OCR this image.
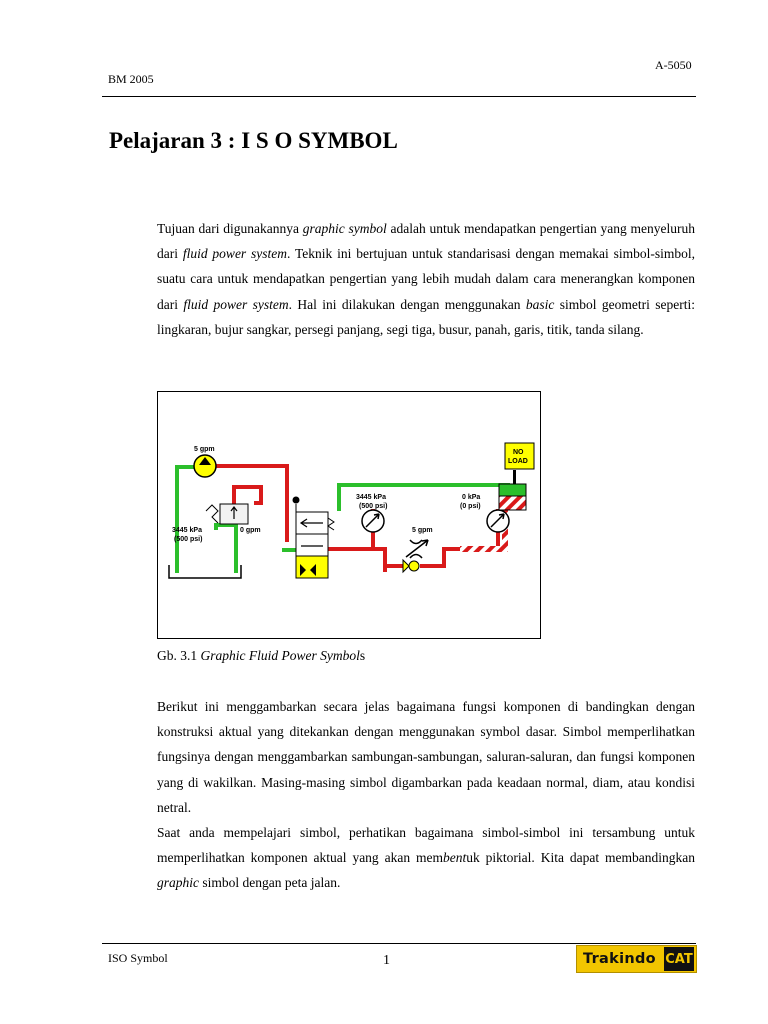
A-5050
BM 2005
Pelajaran 3 : I S O SYMBOL

Tujuan dari digunakannya graphic symbol adalah untuk mendapatkan pengertian yang menyeluruh dari fluid power system. Teknik ini bertujuan untuk standarisasi dengan memakai simbol-simbol, suatu cara untuk mendapatkan pengertian yang lebih mudah dalam cara menerangkan komponen dari fluid power system. Hal ini dilakukan dengan menggunakan basic simbol geometri seperti: lingkaran, bujur sangkar, persegi panjang, segi tiga, busur, panah, garis, titik, tanda silang.

5 gpm
3445 kPa
(500 psi)
0 gpm
3445 kPa
(500 psi)
0 kPa
(0 psi)
5 gpm
NO
LOAD
Gb. 3.1 Graphic Fluid Power Symbols

Berikut ini menggambarkan secara jelas bagaimana fungsi komponen di bandingkan dengan konstruksi aktual yang ditekankan dengan menggunakan symbol dasar. Simbol memperlihatkan fungsinya dengan menggambarkan sambungan-sambungan, saluran-saluran, dan fungsi komponen yang di wakilkan. Masing-masing simbol digambarkan pada keadaan normal, diam, atau kondisi netral.

Saat anda mempelajari simbol, perhatikan bagaimana simbol-simbol ini tersambung untuk memperlihatkan komponen aktual yang akan membentuk piktorial. Kita dapat membandingkan graphic simbol dengan peta jalan.

ISO Symbol	1	Trakindo CAT
